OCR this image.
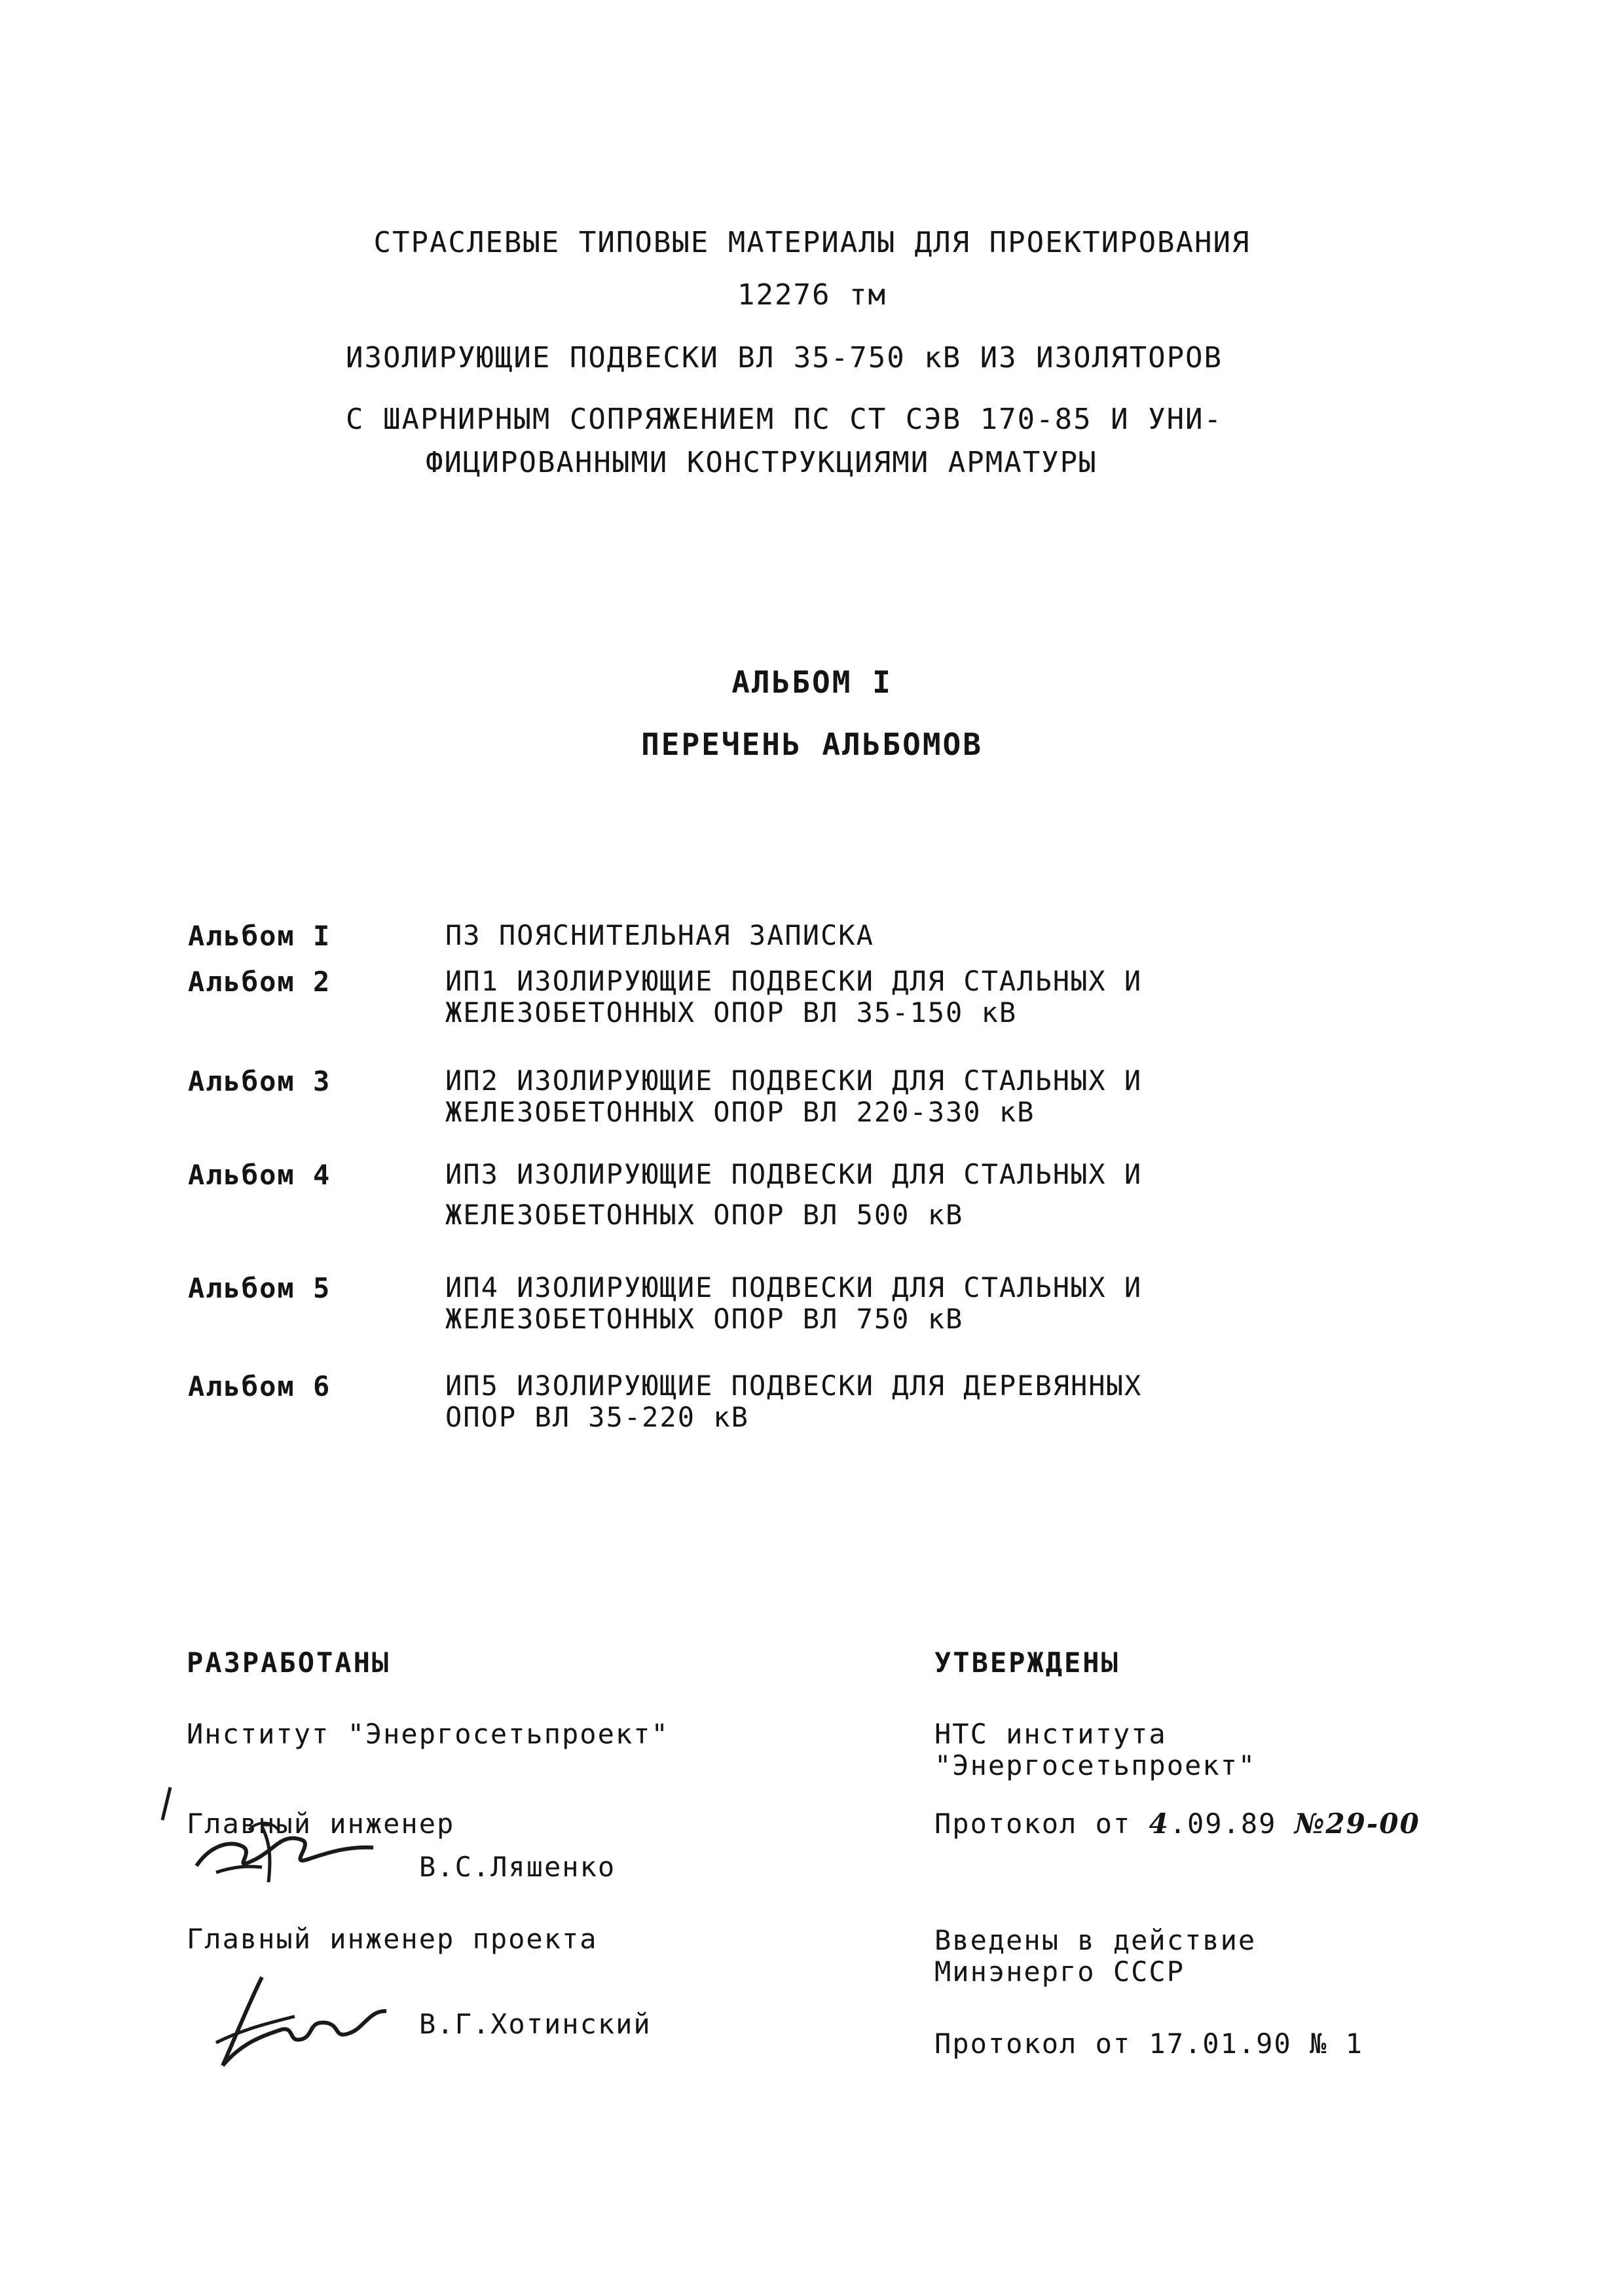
СТРАСЛЕВЫЕ ТИПОВЫЕ МАТЕРИАЛЫ ДЛЯ ПРОЕКТИРОВАНИЯ
12276 тм
ИЗОЛИРУЮЩИЕ ПОДВЕСКИ ВЛ 35-750 кВ ИЗ ИЗОЛЯТОРОВ
С ШАРНИРНЫМ СОПРЯЖЕНИЕМ ПС СТ СЭВ 170-85 И УНИ-
ФИЦИРОВАННЫМИ КОНСТРУКЦИЯМИ АРМАТУРЫ
АЛЬБОМ I
ПЕРЕЧЕНЬ АЛЬБОМОВ
Альбом I	ПЗ ПОЯСНИТЕЛЬНАЯ ЗАПИСКА
Альбом 2	ИП1 ИЗОЛИРУЮЩИЕ ПОДВЕСКИ ДЛЯ СТАЛЬНЫХ И
ЖЕЛЕЗОБЕТОННЫХ ОПОР ВЛ 35-150 кВ
Альбом 3	ИП2 ИЗОЛИРУЮЩИЕ ПОДВЕСКИ ДЛЯ СТАЛЬНЫХ И
ЖЕЛЕЗОБЕТОННЫХ ОПОР ВЛ 220-330 кВ
Альбом 4	ИП3 ИЗОЛИРУЮЩИЕ ПОДВЕСКИ ДЛЯ СТАЛЬНЫХ И
ЖЕЛЕЗОБЕТОННЫХ ОПОР ВЛ 500 кВ
Альбом 5	ИП4 ИЗОЛИРУЮЩИЕ ПОДВЕСКИ ДЛЯ СТАЛЬНЫХ И
ЖЕЛЕЗОБЕТОННЫХ ОПОР ВЛ 750 кВ
Альбом 6	ИП5 ИЗОЛИРУЮЩИЕ ПОДВЕСКИ ДЛЯ ДЕРЕВЯННЫХ
ОПОР ВЛ 35-220 кВ
РАЗРАБОТАНЫ
Институт "Энергосетьпроект"
Главный инженер
В.С.Ляшенко
Главный инженер проекта
В.Г.Хотинский
УТВЕРЖДЕНЫ
НТС института
"Энергосетьпроект"
Протокол от 4.09.89 №29-00
Введены в действие
Минэнерго СССР
Протокол от 17.01.90 № 1
